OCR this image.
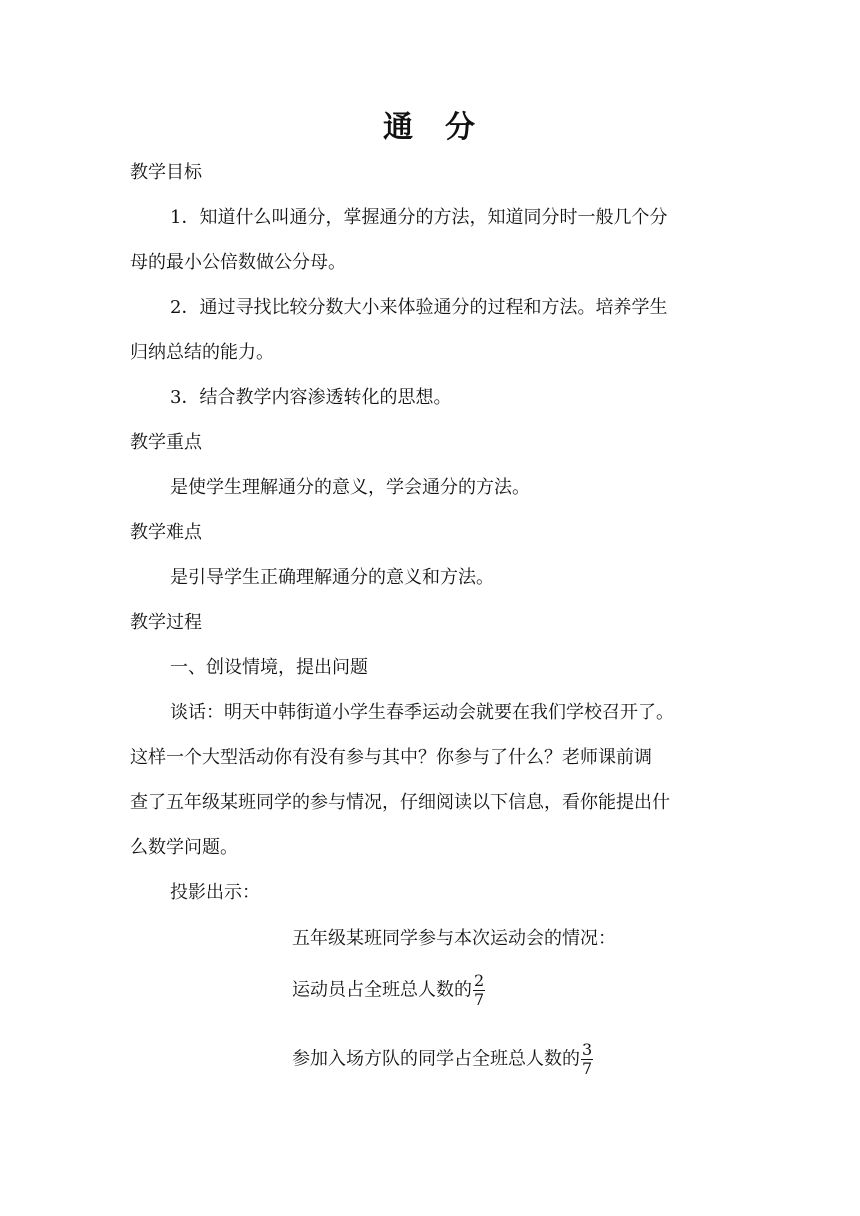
通 分
教学目标
1．知道什么叫通分，掌握通分的方法，知道同分时一般几个分
母的最小公倍数做公分母。
2．通过寻找比较分数大小来体验通分的过程和方法。培养学生
归纳总结的能力。
3．结合教学内容渗透转化的思想。
教学重点
是使学生理解通分的意义，学会通分的方法。
教学难点
是引导学生正确理解通分的意义和方法。
教学过程
一、创设情境，提出问题
谈话：明天中韩街道小学生春季运动会就要在我们学校召开了。
这样一个大型活动你有没有参与其中？你参与了什么？老师课前调
查了五年级某班同学的参与情况，仔细阅读以下信息，看你能提出什
么数学问题。
投影出示：
五年级某班同学参与本次运动会的情况：
运动员占全班总人数的 $\frac{2}{7}$
参加入场方队的同学占全班总人数的 $\frac{3}{7}$
